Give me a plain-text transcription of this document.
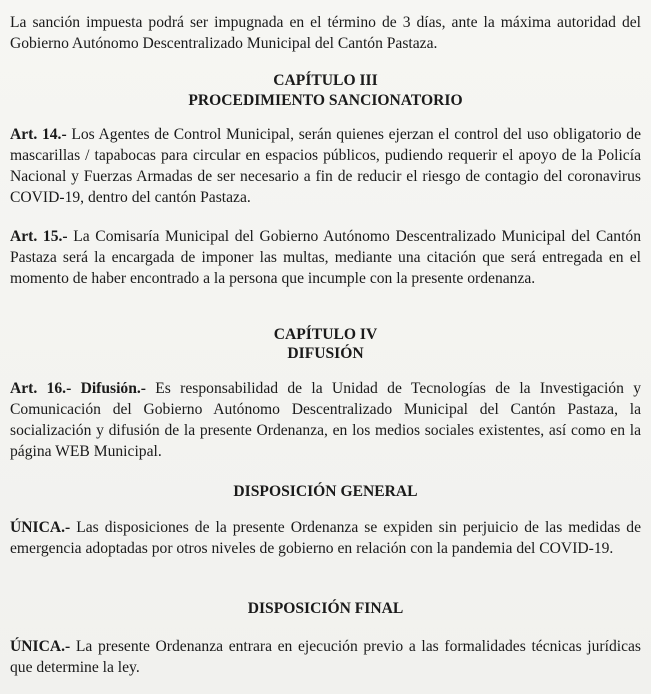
La sanción impuesta podrá ser impugnada en el término de 3 días, ante la máxima autoridad del Gobierno Autónomo Descentralizado Municipal del Cantón Pastaza.

CAPÍTULO III
PROCEDIMIENTO SANCIONATORIO

Art. 14.- Los Agentes de Control Municipal, serán quienes ejerzan el control del uso obligatorio de mascarillas / tapabocas para circular en espacios públicos, pudiendo requerir el apoyo de la Policía Nacional y Fuerzas Armadas de ser necesario a fin de reducir el riesgo de contagio del coronavirus COVID-19, dentro del cantón Pastaza.

Art. 15.- La Comisaría Municipal del Gobierno Autónomo Descentralizado Municipal del Cantón Pastaza será la encargada de imponer las multas, mediante una citación que será entregada en el momento de haber encontrado a la persona que incumple con la presente ordenanza.

CAPÍTULO IV
DIFUSIÓN

Art. 16.- Difusión.- Es responsabilidad de la Unidad de Tecnologías de la Investigación y Comunicación del Gobierno Autónomo Descentralizado Municipal del Cantón Pastaza, la socialización y difusión de la presente Ordenanza, en los medios sociales existentes, así como en la página WEB Municipal.

DISPOSICIÓN GENERAL

ÚNICA.- Las disposiciones de la presente Ordenanza se expiden sin perjuicio de las medidas de emergencia adoptadas por otros niveles de gobierno en relación con la pandemia del COVID-19.

DISPOSICIÓN FINAL

ÚNICA.- La presente Ordenanza entrara en ejecución previo a las formalidades técnicas jurídicas que determine la ley.
